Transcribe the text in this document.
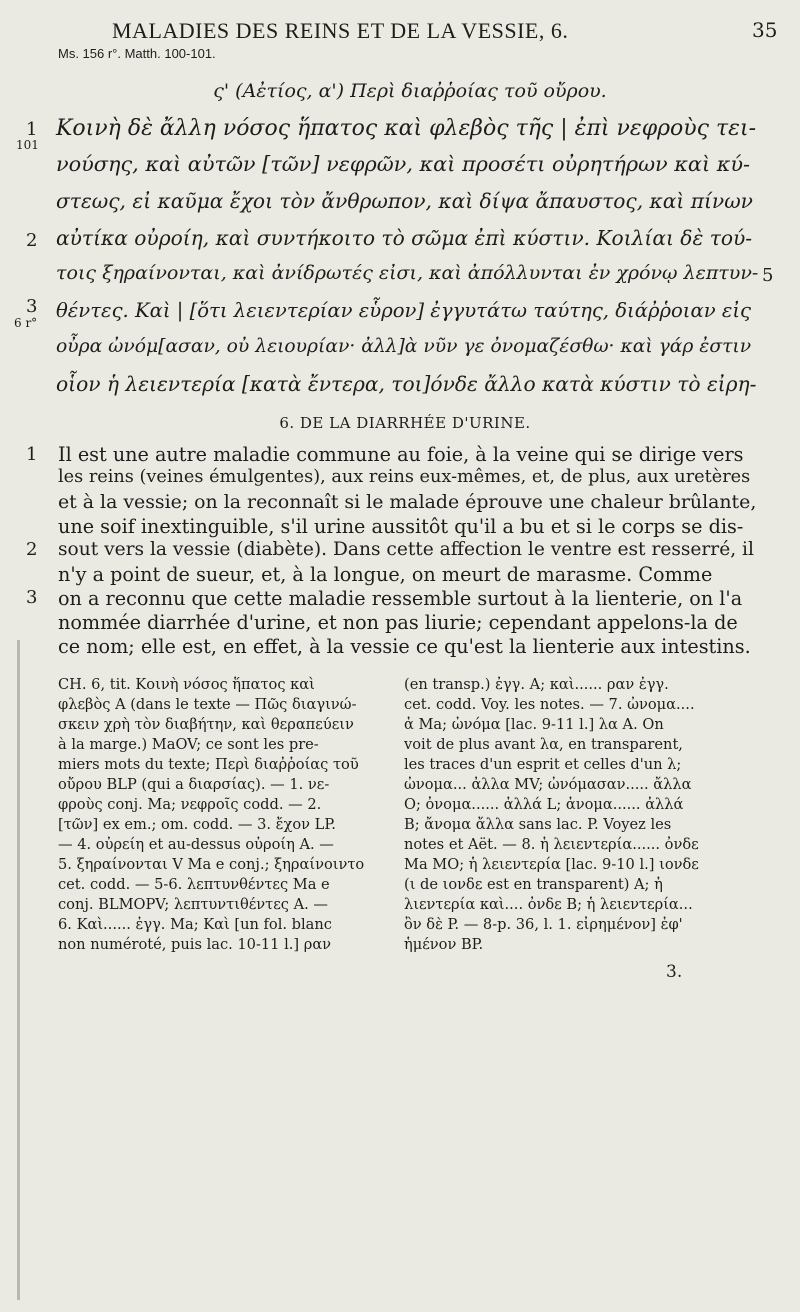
MALADIES DES REINS ET DE LA VESSIE, 6.	35
Ms. 156 r°. Matth. 100-101.
ς' (Αἐτίος, α') Περὶ διαῤῥοίας τοῦ οὔρου.
1
101
2
3
6 r°
5
Κοινὴ δὲ ἄλλη νόσος ἥπατος καὶ φλεβὸς τῆς | ἐπὶ νεφροὺς τει-
νούσης, καὶ αὐτῶν [τῶν] νεφρῶν, καὶ προσέτι οὐρητήρων καὶ κύ-
στεως, εἰ καῦμα ἔχοι τὸν ἄνθρωπον, καὶ δίψα ἄπαυστος, καὶ πίνων
αὐτίκα οὐροίη, καὶ συντήκοιτο τὸ σῶμα ἐπὶ κύστιν. Κοιλίαι δὲ τού-
τοις ξηραίνονται, καὶ ἀνίδρωτές εἰσι, καὶ ἀπόλλυνται ἐν χρόνῳ λεπτυν-
θέντες. Καὶ | [ὅτι λειεντερίαν εὗρον] ἐγγυτάτω ταύτης, διάῤῥοιαν εἰς
οὖρα ὠνόμ[ασαν, οὐ λειουρίαν· ἀλλ]ὰ νῦν γε ὀνομαζέσθω· καὶ γάρ ἐστιν
οἷον ἡ λειεντερία [κατὰ ἔντερα, τοι]όνδε ἄλλο κατὰ κύστιν τὸ εἰρη-
6. DE LA DIARRHÉE D'URINE.
1
2
3
Il est une autre maladie commune au foie, à la veine qui se dirige vers
les reins (veines émulgentes), aux reins eux-mêmes, et, de plus, aux uretères
et à la vessie; on la reconnaît si le malade éprouve une chaleur brûlante,
une soif inextinguible, s'il urine aussitôt qu'il a bu et si le corps se dis-
sout vers la vessie (diabète). Dans cette affection le ventre est resserré, il
n'y a point de sueur, et, à la longue, on meurt de marasme. Comme
on a reconnu que cette maladie ressemble surtout à la lienterie, on l'a
nommée diarrhée d'urine, et non pas liurie; cependant appelons-la de
ce nom; elle est, en effet, à la vessie ce qu'est la lienterie aux intestins.
CH. 6, tit. Κοινὴ νόσος ἥπατος καὶ
φλεβὸς A (dans le texte — Πῶς διαγινώ-
σκειν χρὴ τὸν διαβήτην, καὶ θεραπεύειν
à la marge.) MaOV; ce sont les pre-
miers mots du texte; Περὶ διαῤῥοίας τοῦ
οὔρου BLP (qui a διαρσίας). — 1. νε-
φροὺς conj. Ma; νεφροῖς codd. — 2.
[τῶν] ex em.; om. codd. — 3. ἔχον LP.
— 4. οὐρείη et au-dessus οὐροίη A. —
5. ξηραίνονται V Ma e conj.; ξηραίνοιντο
cet. codd. — 5-6. λεπτυνθέντες Ma e
conj. BLMOPV; λεπτυντιθέντες A. —
6. Καὶ...... ἐγγ. Ma; Καὶ [un fol. blanc
non numéroté, puis lac. 10-11 l.] ραν
(en transp.) ἐγγ. A; καὶ...... ραν ἐγγ.
cet. codd. Voy. les notes. — 7. ὠνομα....
ἀ Ma; ὠνόμα [lac. 9-11 l.] λα A. On
voit de plus avant λα, en transparent,
les traces d'un esprit et celles d'un λ;
ὠνομα... ἀλλα MV; ὠνόμασαν..... ἄλλα
O; ὀνομα...... ἀλλά L; ἀνομα...... ἀλλά
B; ἄνομα ἄλλα sans lac. P. Voyez les
notes et Aët. — 8. ἡ λειεντερία...... ὀνδε
Ma MO; ἡ λειεντερία [lac. 9-10 l.] ιονδε
(ι de ιονδε est en transparent) A; ἡ
λιεντερία καὶ.... ὀνδε B; ἡ λειεντερία...
ὂν δὲ P. — 8-p. 36, l. 1. εἰρημένον] ἐφ'
ἡμένον BP.
3.
